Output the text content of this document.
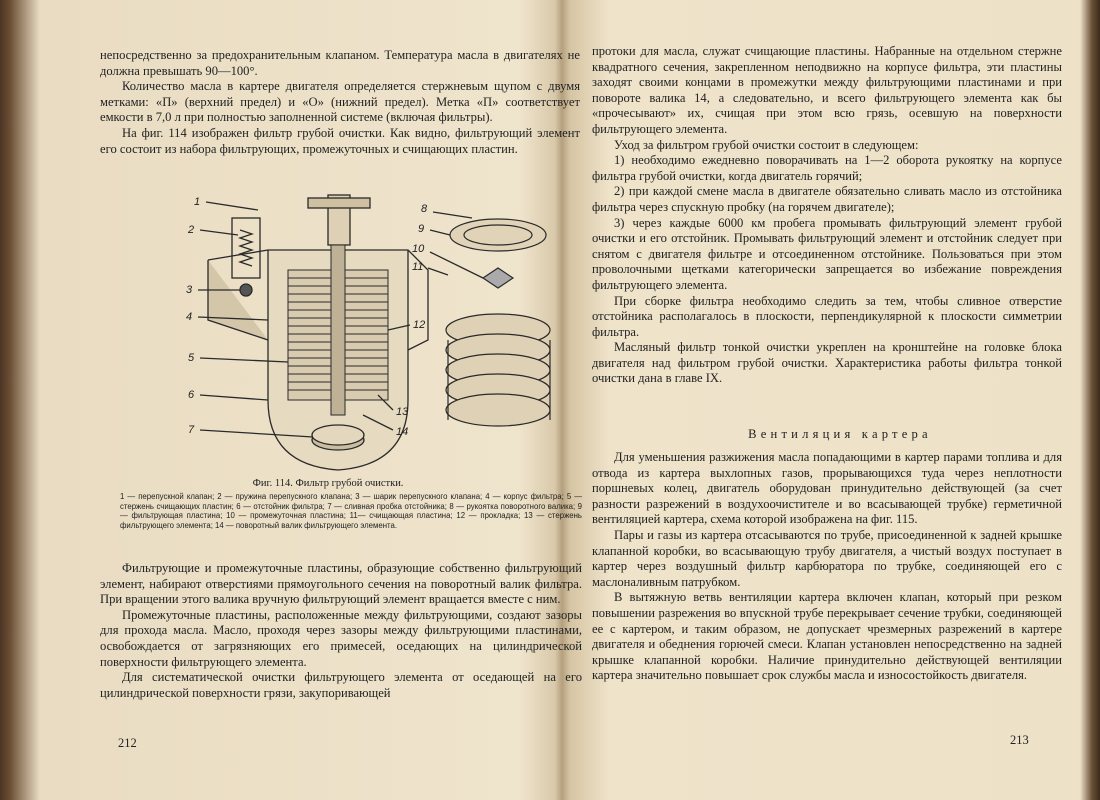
непосредственно за предохранительным клапаном. Температура масла в двигателях не должна превышать 90—100°.

Количество масла в картере двигателя определяется стержневым щупом с двумя метками: «П» (верхний предел) и «О» (нижний предел). Метка «П» соответствует емкости в 7,0 л при полностью заполненной системе (включая фильтры).

На фиг. 114 изображен фильтр грубой очистки. Как видно, фильтрующий элемент его состоит из набора фильтрующих, промежуточных и счищающих пластин.

1
2
3
4
5
6
7
8
9
10
11
12
13
14
Фиг. 114. Фильтр грубой очистки.
1 — перепускной клапан; 2 — пружина перепускного клапана; 3 — шарик перепускного клапана; 4 — корпус фильтра; 5 — стержень счищающих пластин; 6 — отстойник фильтра; 7 — сливная пробка отстойника; 8 — рукоятка поворотного валика; 9— фильтрующая пластина; 10 — промежуточная пластина; 11— счищающая пластина; 12 — прокладка; 13 — стержень фильтрующего элемента; 14 — поворотный валик фильтрующего элемента.

Фильтрующие и промежуточные пластины, образующие собственно фильтрующий элемент, набирают отверстиями прямоугольного сечения на поворотный валик фильтра. При вращении этого валика вручную фильтрующий элемент вращается вместе с ним.

Промежуточные пластины, расположенные между фильтрующими, создают зазоры для прохода масла. Масло, проходя через зазоры между фильтрующими пластинами, освобождается от загрязняющих его примесей, оседающих на цилиндрической поверхности фильтрующего элемента.

Для систематической очистки фильтрующего элемента от оседающей на его цилиндрической поверхности грязи, закупоривающей

212

протоки для масла, служат счищающие пластины. Набранные на отдельном стержне квадратного сечения, закрепленном неподвижно на корпусе фильтра, эти пластины заходят своими концами в промежутки между фильтрующими пластинами и при повороте валика 14, а следовательно, и всего фильтрующего элемента как бы «прочесывают» их, счищая при этом всю грязь, осевшую на поверхности фильтрующего элемента.

Уход за фильтром грубой очистки состоит в следующем:

1) необходимо ежедневно поворачивать на 1—2 оборота рукоятку на корпусе фильтра грубой очистки, когда двигатель горячий;
2) при каждой смене масла в двигателе обязательно сливать масло из отстойника фильтра через спускную пробку (на горячем двигателе);
3) через каждые 6000 км пробега промывать фильтрующий элемент грубой очистки и его отстойник. Промывать фильтрующий элемент и отстойник следует при снятом с двигателя фильтре и отсоединенном отстойнике. Пользоваться при этом проволочными щетками категорически запрещается во избежание повреждения фильтрующего элемента.

При сборке фильтра необходимо следить за тем, чтобы сливное отверстие отстойника располагалось в плоскости, перпендикулярной к плоскости симметрии фильтра.

Масляный фильтр тонкой очистки укреплен на кронштейне на головке блока двигателя над фильтром грубой очистки. Характеристика работы фильтра тонкой очистки дана в главе IX.

Вентиляция картера

Для уменьшения разжижения масла попадающими в картер парами топлива и для отвода из картера выхлопных газов, прорывающихся туда через неплотности поршневых колец, двигатель оборудован принудительно действующей (за счет разности разрежений в воздухоочистителе и во всасывающей трубке) герметичной вентиляцией картера, схема которой изображена на фиг. 115.

Пары и газы из картера отсасываются по трубе, присоединенной к задней крышке клапанной коробки, во всасывающую трубу двигателя, а чистый воздух поступает в картер через воздушный фильтр карбюратора по трубке, соединяющей его с маслоналивным патрубком.

В вытяжную ветвь вентиляции картера включен клапан, который при резком повышении разрежения во впускной трубе перекрывает сечение трубки, соединяющей ее с картером, и таким образом, не допускает чрезмерных разрежений в картере двигателя и обеднения горючей смеси. Клапан установлен непосредственно на задней крышке клапанной коробки. Наличие принудительно действующей вентиляции картера значительно повышает срок службы масла и износостойкость двигателя.

213
